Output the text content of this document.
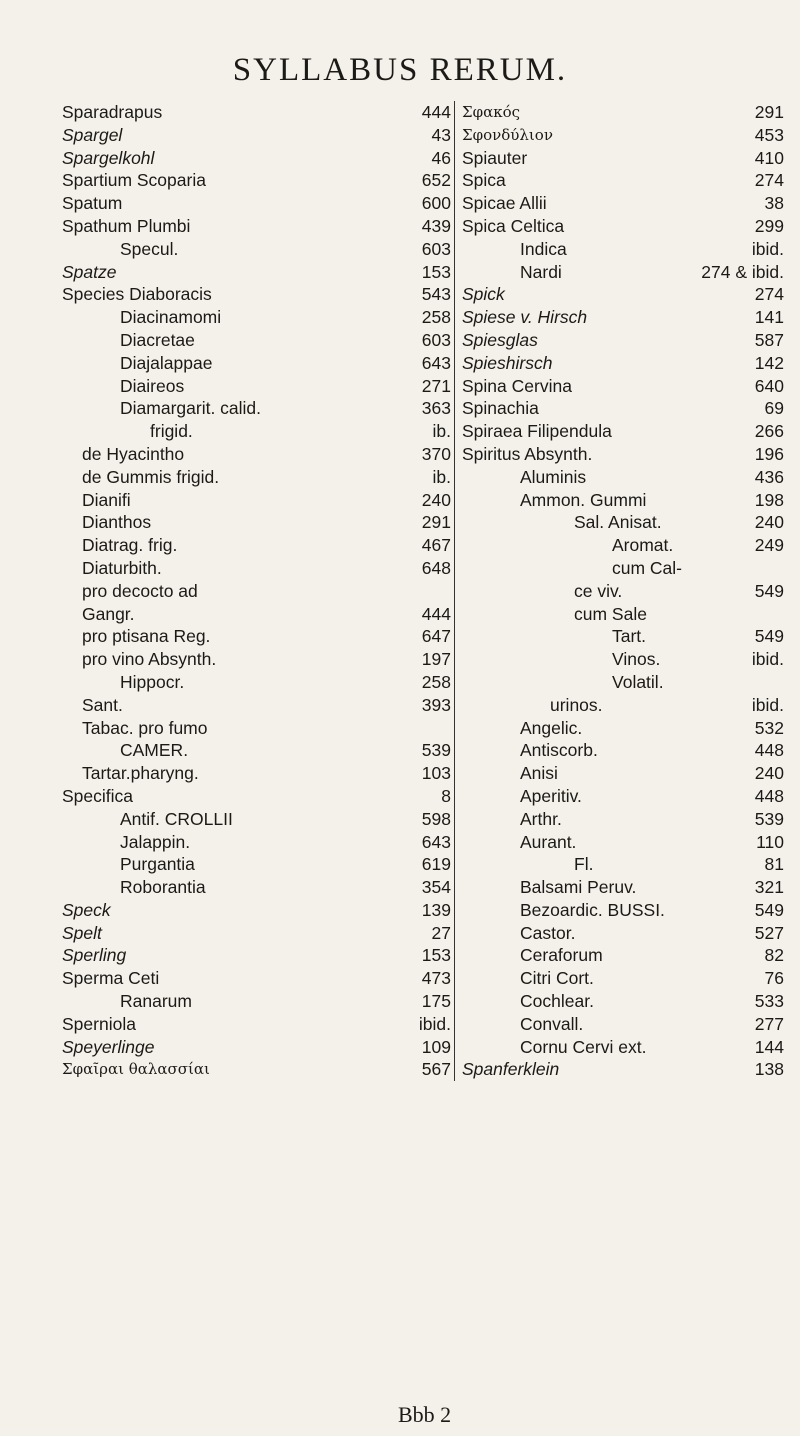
SYLLABUS RERUM.
Sparadrapus	444
Spargel	43
Spargelkohl	46
Spartium Scoparia	652
Spatum	600
Spathum Plumbi	439
Specul.	603
Spatze	153
Species Diaboracis	543
Diacinamomi	258
Diacretae	603
Diajalappae	643
Diaireos	271
Diamargarit. calid.	363
frigid.	ib.
de Hyacintho	370
de Gummis frigid.	ib.
Dianifi	240
Dianthos	291
Diatrag. frig.	467
Diaturbith.	648
pro decocto ad
Gangr.	444
pro ptisana Reg.	647
pro vino Absynth.	197
Hippocr.	258
Sant.	393
Tabac. pro fumo
CAMER.	539
Tartar.pharyng.	103
Specifica	8
Antif. CROLLII	598
Jalappin.	643
Purgantia	619
Roborantia	354
Speck	139
Spelt	27
Sperling	153
Sperma Ceti	473
Ranarum	175
Sperniola	ibid.
Speyerlinge	109
Σφαῖραι θαλασσίαι	567
Σφακός	291
Σφονδύλιον	453
Spiauter	410
Spica	274
Spicae Allii	38
Spica Celtica	299
Indica	ibid.
Nardi	274 & ibid.
Spick	274
Spiese v. Hirsch	141
Spiesglas	587
Spieshirsch	142
Spina Cervina	640
Spinachia	69
Spiraea Filipendula	266
Spiritus Absynth.	196
Aluminis	436
Ammon. Gummi	198
Sal. Anisat.	240
Aromat.	249
cum Cal-
ce viv.	549
cum Sale
Tart.	549
Vinos.	ibid.
Volatil.
urinos.	ibid.
Angelic.	532
Antiscorb.	448
Anisi	240
Aperitiv.	448
Arthr.	539
Aurant.	110
Fl.	81
Balsami Peruv.	321
Bezoardic. BUSSI.	549
Castor.	527
Ceraforum	82
Citri Cort.	76
Cochlear.	533
Convall.	277
Cornu Cervi ext.	144
Spanferklein	138
Bbb 2
